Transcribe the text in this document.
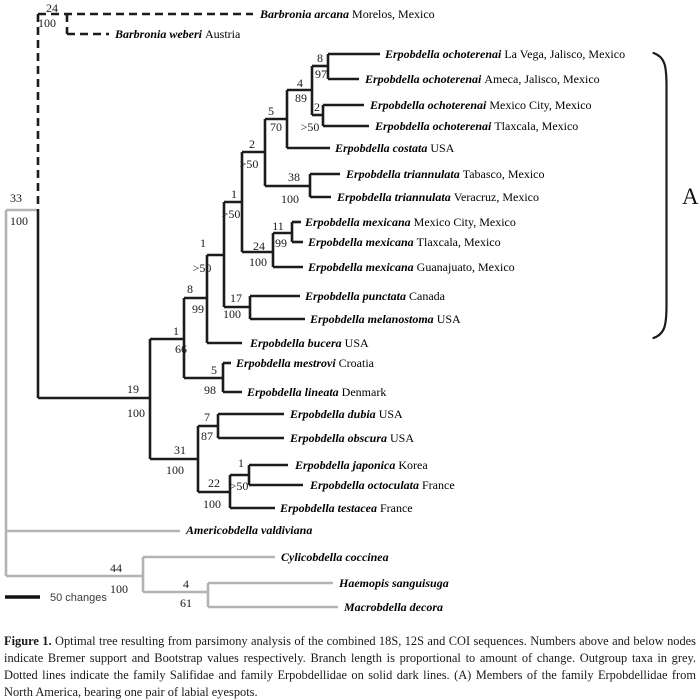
A
50 changes
24
100
33
100
19
100
1
66
8
99
1
>50
17
100
1
>50
24
100
11
99
2
>50
38
100
5
70
4
89
8
97
2
>50
5
98
31
100
7
87
22
100
1
>50
44
100	4
61
Barbronia arcana Morelos, Mexico
Barbronia weberi Austria
Erpobdella ochoterenai La Vega, Jalisco, Mexico
Erpobdella ochoterenai Ameca, Jalisco, Mexico
Erpobdella ochoterenai Mexico City, Mexico
Erpobdella ochoterenai Tlaxcala, Mexico
Erpobdella costata USA
Erpobdella triannulata Tabasco, Mexico
Erpobdella triannulata Veracruz, Mexico
Erpobdella mexicana Mexico City, Mexico
Erpobdella mexicana Tlaxcala, Mexico
Erpobdella mexicana Guanajuato, Mexico
Erpobdella punctata Canada
Erpobdella melanostoma USA
Erpobdella bucera USA
Erpobdella mestrovi Croatia
Erpobdella lineata Denmark
Erpobdella dubia USA
Erpobdella obscura USA
Erpobdella japonica Korea
Erpobdella octoculata France
Erpobdella testacea France
Americobdella valdiviana
Cylicobdella coccinea
Haemopis sanguisuga
Macrobdella decora
Figure 1. Optimal tree resulting from parsimony analysis of the combined 18S, 12S and COI sequences. Numbers above and below nodes indicate Bremer support and Bootstrap values respectively. Branch length is proportional to amount of change. Outgroup taxa in grey. Dotted lines indicate the family Salifidae and family Erpobdellidae on solid dark lines. (A) Members of the family Erpobdellidae from North America, bearing one pair of labial eyespots.
